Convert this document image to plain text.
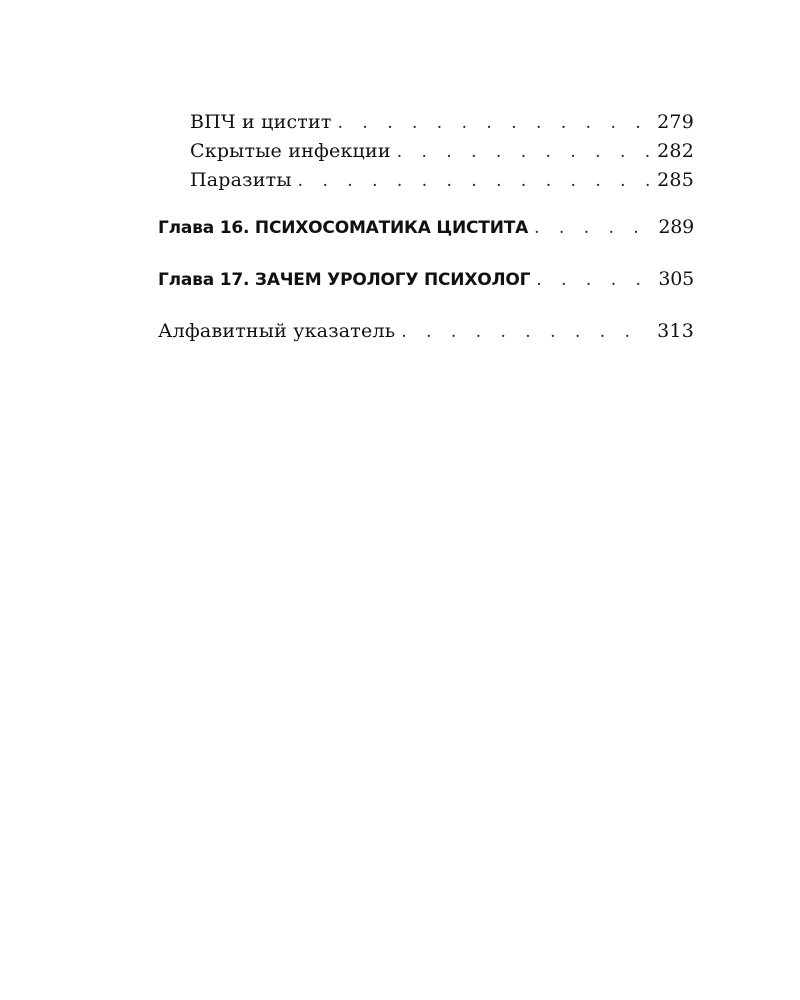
ВПЧ и цистит . . .	279
Скрытые инфекции . . .	282
Паразиты . . .	285
Глава 16. ПСИХОСОМАТИКА ЦИСТИТА . . .	289
Глава 17. ЗАЧЕМ УРОЛОГУ ПСИХОЛОГ . . .	305
Алфавитный указатель . . .	313
